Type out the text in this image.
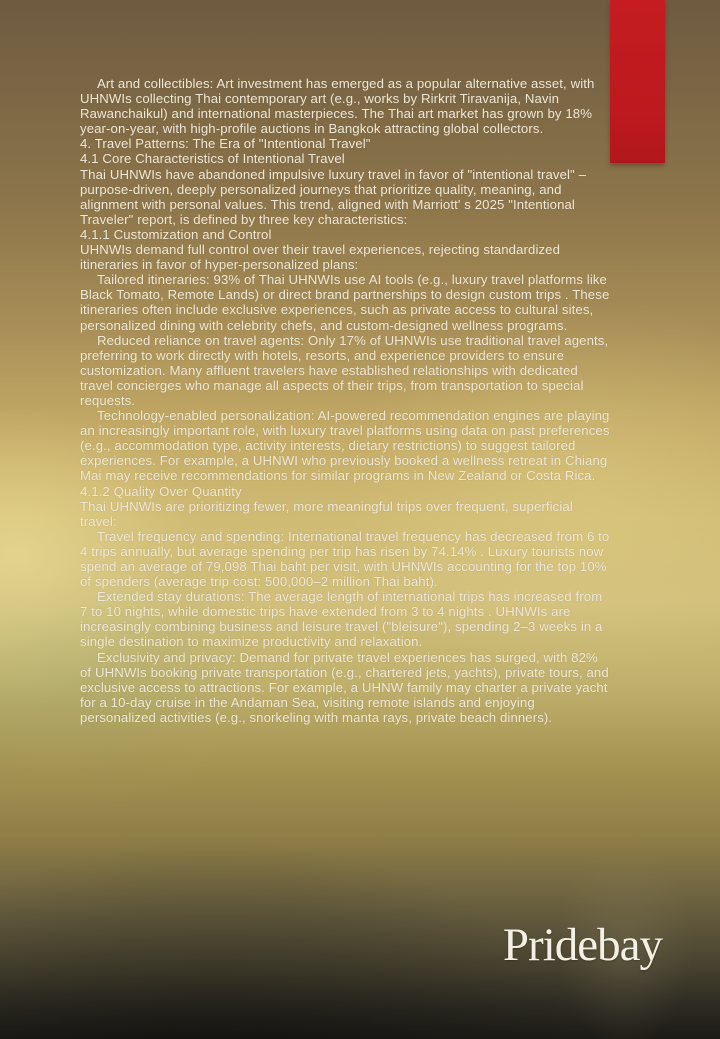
Art and collectibles: Art investment has emerged as a popular alternative asset, with UHNWIs collecting Thai contemporary art (e.g., works by Rirkrit Tiravanija, Navin Rawanchaikul) and international masterpieces. The Thai art market has grown by 18% year-on-year, with high-profile auctions in Bangkok attracting global collectors.

4. Travel Patterns: The Era of "Intentional Travel"

4.1 Core Characteristics of Intentional Travel

Thai UHNWIs have abandoned impulsive luxury travel in favor of "intentional travel" – purpose-driven, deeply personalized journeys that prioritize quality, meaning, and alignment with personal values. This trend, aligned with Marriott' s 2025 "Intentional Traveler" report, is defined by three key characteristics:

4.1.1 Customization and Control

UHNWIs demand full control over their travel experiences, rejecting standardized itineraries in favor of hyper-personalized plans:

Tailored itineraries: 93% of Thai UHNWIs use AI tools (e.g., luxury travel platforms like Black Tomato, Remote Lands) or direct brand partnerships to design custom trips . These itineraries often include exclusive experiences, such as private access to cultural sites, personalized dining with celebrity chefs, and custom-designed wellness programs.

Reduced reliance on travel agents: Only 17% of UHNWIs use traditional travel agents, preferring to work directly with hotels, resorts, and experience providers to ensure customization. Many affluent travelers have established relationships with dedicated travel concierges who manage all aspects of their trips, from transportation to special requests.

Technology-enabled personalization: AI-powered recommendation engines are playing an increasingly important role, with luxury travel platforms using data on past preferences (e.g., accommodation type, activity interests, dietary restrictions) to suggest tailored experiences. For example, a UHNWI who previously booked a wellness retreat in Chiang Mai may receive recommendations for similar programs in New Zealand or Costa Rica.

4.1.2 Quality Over Quantity

Thai UHNWIs are prioritizing fewer, more meaningful trips over frequent, superficial travel:

Travel frequency and spending: International travel frequency has decreased from 6 to 4 trips annually, but average spending per trip has risen by 74.14% . Luxury tourists now spend an average of 79,098 Thai baht per visit, with UHNWIs accounting for the top 10% of spenders (average trip cost: 500,000–2 million Thai baht).

Extended stay durations: The average length of international trips has increased from 7 to 10 nights, while domestic trips have extended from 3 to 4 nights . UHNWIs are increasingly combining business and leisure travel ("bleisure"), spending 2–3 weeks in a single destination to maximize productivity and relaxation.

Exclusivity and privacy: Demand for private travel experiences has surged, with 82% of UHNWIs booking private transportation (e.g., chartered jets, yachts), private tours, and exclusive access to attractions. For example, a UHNW family may charter a private yacht for a 10-day cruise in the Andaman Sea, visiting remote islands and enjoying personalized activities (e.g., snorkeling with manta rays, private beach dinners).

Pridebay
